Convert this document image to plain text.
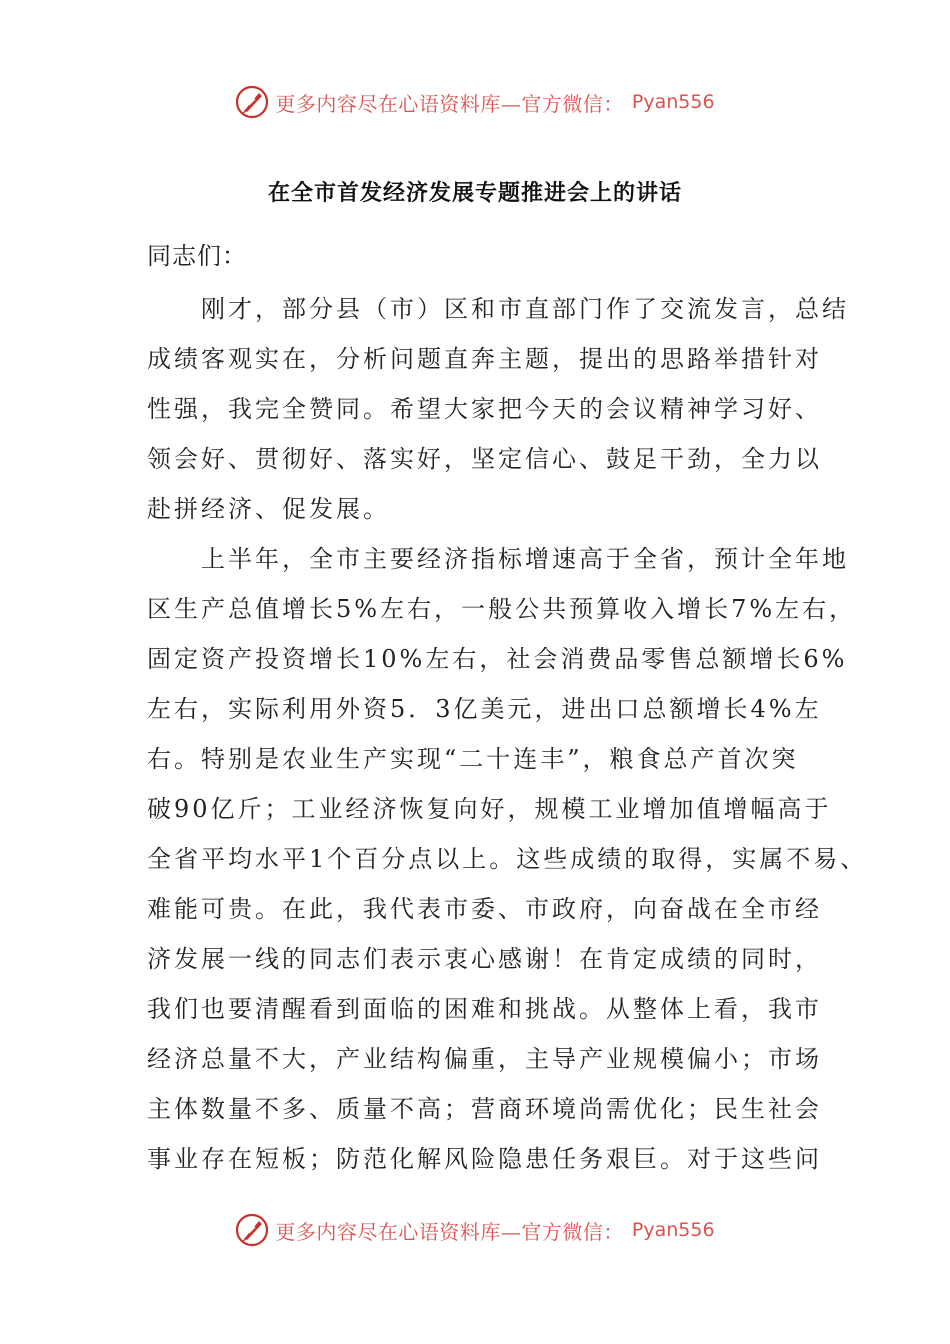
更多内容尽在心语资料库—官方微信： Pyan556
在全市首发经济发展专题推进会上的讲话
同志们：
　　刚才，部分县（市）区和市直部门作了交流发言，总结
成绩客观实在，分析问题直奔主题，提出的思路举措针对
性强，我完全赞同。希望大家把今天的会议精神学习好、
领会好、贯彻好、落实好，坚定信心、鼓足干劲，全力以
赴拼经济、促发展。
　　上半年，全市主要经济指标增速高于全省，预计全年地
区生产总值增长5%左右，一般公共预算收入增长7%左右，
固定资产投资增长10%左右，社会消费品零售总额增长6%
左右，实际利用外资5．3亿美元，进出口总额增长4%左
右。特别是农业生产实现“二十连丰”，粮食总产首次突
破90亿斤；工业经济恢复向好，规模工业增加值增幅高于
全省平均水平1个百分点以上。这些成绩的取得，实属不易、
难能可贵。在此，我代表市委、市政府，向奋战在全市经
济发展一线的同志们表示衷心感谢！在肯定成绩的同时，
我们也要清醒看到面临的困难和挑战。从整体上看，我市
经济总量不大，产业结构偏重，主导产业规模偏小；市场
主体数量不多、质量不高；营商环境尚需优化；民生社会
事业存在短板；防范化解风险隐患任务艰巨。对于这些问
更多内容尽在心语资料库—官方微信： Pyan556
